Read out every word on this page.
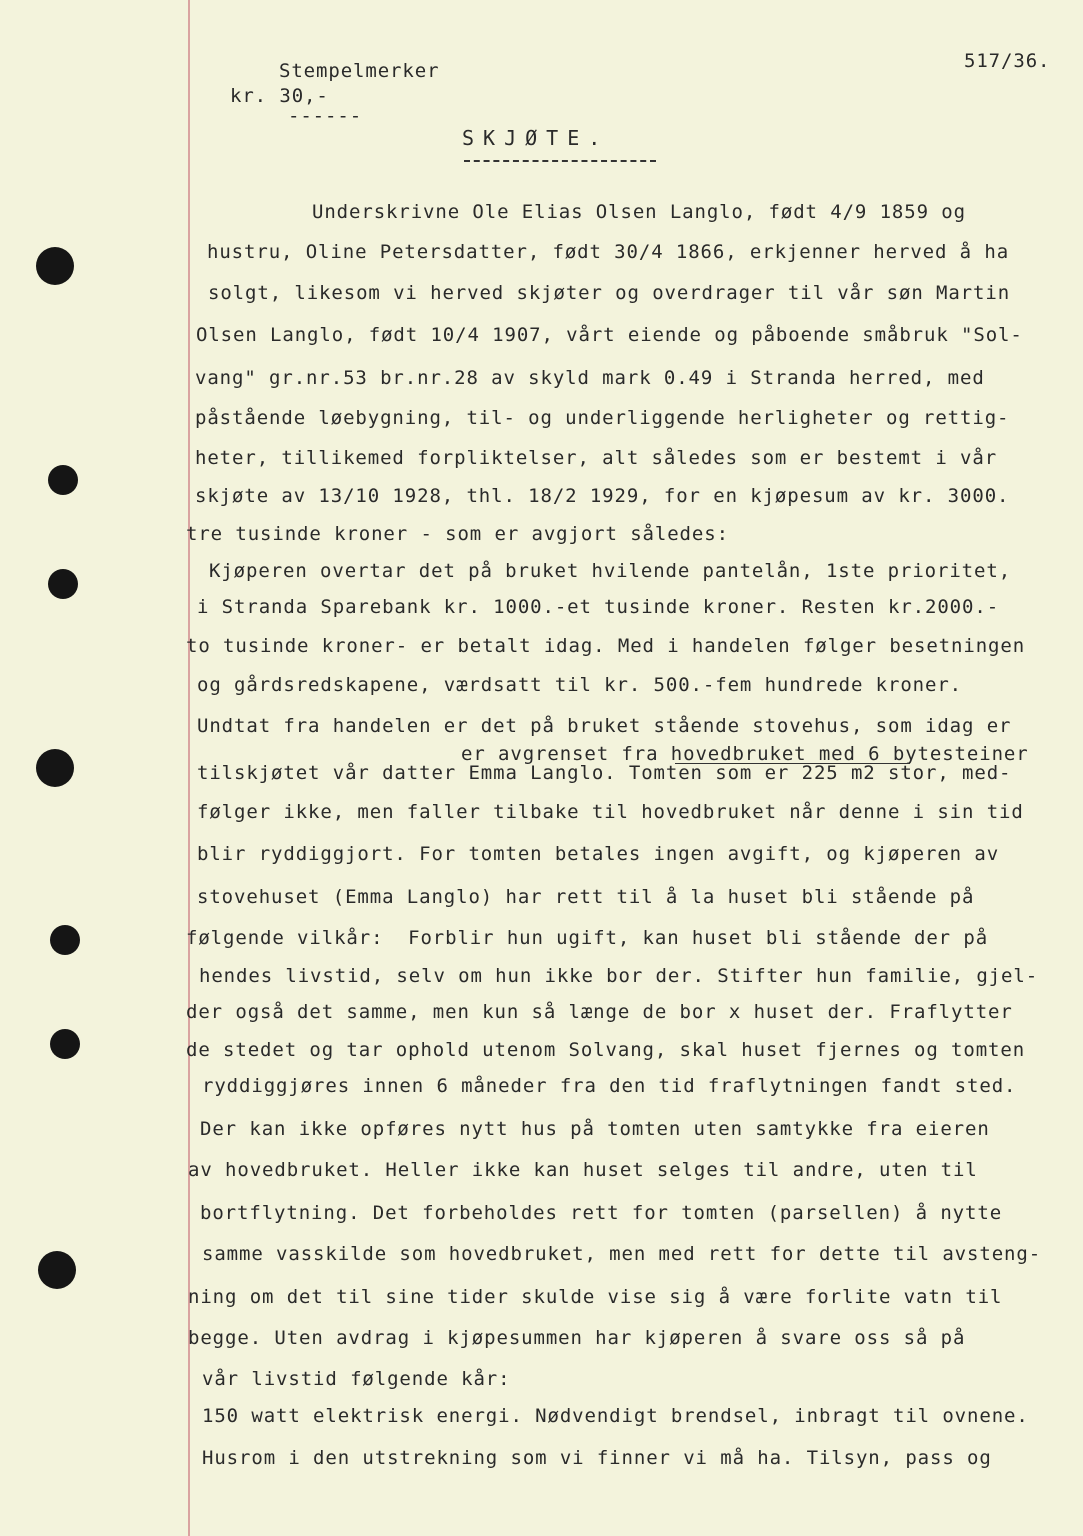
Stempelmerker
kr. 30,-
------
517/36.
SKJØTE.
Underskrivne Ole Elias Olsen Langlo, født 4/9 1859 og
hustru, Oline Petersdatter, født 30/4 1866, erkjenner herved å ha
solgt, likesom vi herved skjøter og overdrager til vår søn Martin
Olsen Langlo, født 10/4 1907, vårt eiende og påboende småbruk "Sol-
vang" gr.nr.53 br.nr.28 av skyld mark 0.49 i Stranda herred, med
påstående løebygning, til- og underliggende herligheter og rettig-
heter, tillikemed forpliktelser, alt således som er bestemt i vår
skjøte av 13/10 1928, thl. 18/2 1929, for en kjøpesum av kr. 3000.
tre tusinde kroner - som er avgjort således:
Kjøperen overtar det på bruket hvilende pantelån, 1ste prioritet,
i Stranda Sparebank kr. 1000.-et tusinde kroner. Resten kr.2000.-
to tusinde kroner- er betalt idag. Med i handelen følger besetningen
og gårdsredskapene, værdsatt til kr. 500.-fem hundrede kroner.
Undtat fra handelen er det på bruket stående stovehus, som idag er
er avgrenset fra hovedbruket med 6 bytesteiner
tilskjøtet vår datter Emma Langlo. Tomten som er 225 m2 stor, med-
følger ikke, men faller tilbake til hovedbruket når denne i sin tid
blir ryddiggjort. For tomten betales ingen avgift, og kjøperen av
stovehuset (Emma Langlo) har rett til å la huset bli stående på
følgende vilkår:  Forblir hun ugift, kan huset bli stående der på
hendes livstid, selv om hun ikke bor der. Stifter hun familie, gjel-
der også det samme, men kun så længe de bor x huset der. Fraflytter
de stedet og tar ophold utenom Solvang, skal huset fjernes og tomten
ryddiggjøres innen 6 måneder fra den tid fraflytningen fandt sted.
Der kan ikke opføres nytt hus på tomten uten samtykke fra eieren
av hovedbruket. Heller ikke kan huset selges til andre, uten til
bortflytning. Det forbeholdes rett for tomten (parsellen) å nytte
samme vasskilde som hovedbruket, men med rett for dette til avsteng-
ning om det til sine tider skulde vise sig å være forlite vatn til
begge. Uten avdrag i kjøpesummen har kjøperen å svare oss så på
vår livstid følgende kår:
150 watt elektrisk energi. Nødvendigt brendsel, inbragt til ovnene.
Husrom i den utstrekning som vi finner vi må ha. Tilsyn, pass og
